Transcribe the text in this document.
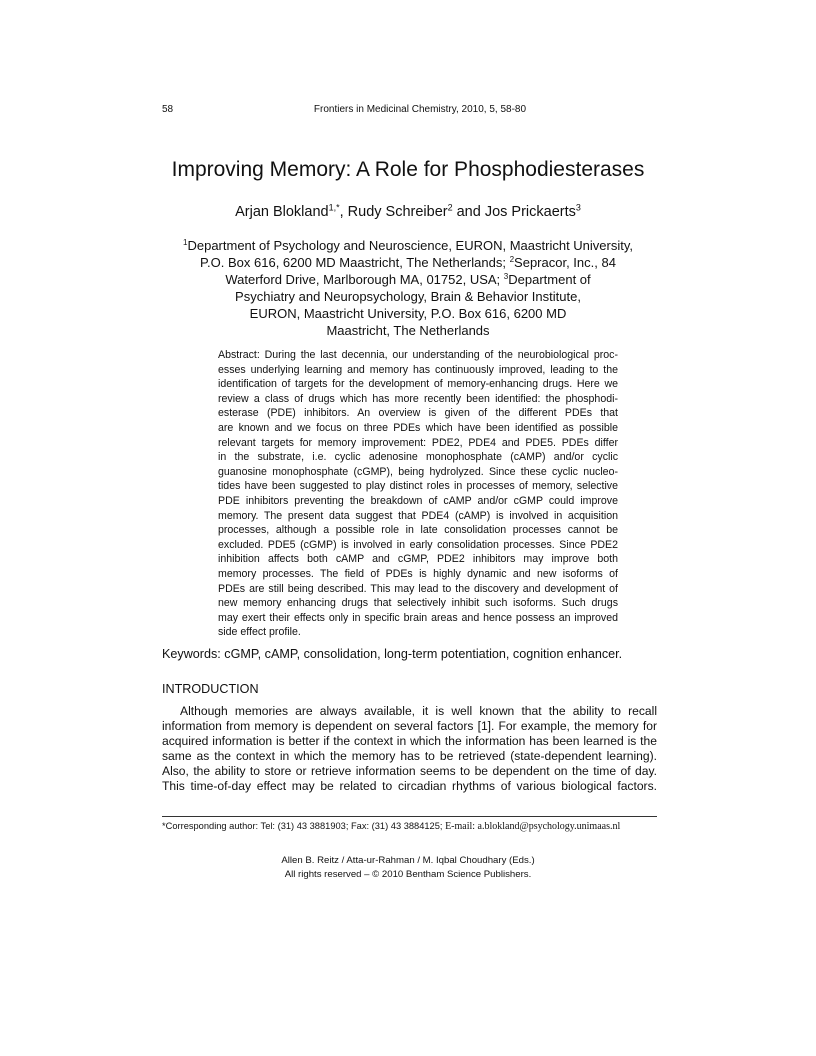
58	Frontiers in Medicinal Chemistry, 2010, 5, 58-80
Improving Memory: A Role for Phosphodiesterases
Arjan Blokland$^{1,*}$, Rudy Schreiber$^2$ and Jos Prickaerts$^3$
$^1$Department of Psychology and Neuroscience, EURON, Maastricht University,
P.O. Box 616, 6200 MD Maastricht, The Netherlands; $^2$Sepracor, Inc., 84
Waterford Drive, Marlborough MA, 01752, USA; $^3$Department of
Psychiatry and Neuropsychology, Brain & Behavior Institute,
EURON, Maastricht University, P.O. Box 616, 6200 MD
Maastricht, The Netherlands
Abstract: During the last decennia, our understanding of the neurobiological proc-
esses underlying learning and memory has continuously improved, leading to the
identification of targets for the development of memory-enhancing drugs. Here we
review a class of drugs which has more recently been identified: the phosphodi-
esterase (PDE) inhibitors. An overview is given of the different PDEs that
are known and we focus on three PDEs which have been identified as possible
relevant targets for memory improvement: PDE2, PDE4 and PDE5. PDEs differ
in the substrate, i.e. cyclic adenosine monophosphate (cAMP) and/or cyclic
guanosine monophosphate (cGMP), being hydrolyzed. Since these cyclic nucleo-
tides have been suggested to play distinct roles in processes of memory, selective
PDE inhibitors preventing the breakdown of cAMP and/or cGMP could improve
memory. The present data suggest that PDE4 (cAMP) is involved in acquisition
processes, although a possible role in late consolidation processes cannot be
excluded. PDE5 (cGMP) is involved in early consolidation processes. Since PDE2
inhibition affects both cAMP and cGMP, PDE2 inhibitors may improve both
memory processes. The field of PDEs is highly dynamic and new isoforms of
PDEs are still being described. This may lead to the discovery and development of
new memory enhancing drugs that selectively inhibit such isoforms. Such drugs
may exert their effects only in specific brain areas and hence possess an improved
side effect profile.
Keywords: cGMP, cAMP, consolidation, long-term potentiation, cognition enhancer.
INTRODUCTION
Although memories are always available, it is well known that the ability to recall
information from memory is dependent on several factors [1]. For example, the memory for
acquired information is better if the context in which the information has been learned is the
same as the context in which the memory has to be retrieved (state-dependent learning).
Also, the ability to store or retrieve information seems to be dependent on the time of day.
This time-of-day effect may be related to circadian rhythms of various biological factors.
*Corresponding author: Tel: (31) 43 3881903; Fax: (31) 43 3884125; E-mail: a.blokland@psychology.unimaas.nl
Allen B. Reitz / Atta-ur-Rahman / M. Iqbal Choudhary (Eds.)
All rights reserved – © 2010 Bentham Science Publishers.
